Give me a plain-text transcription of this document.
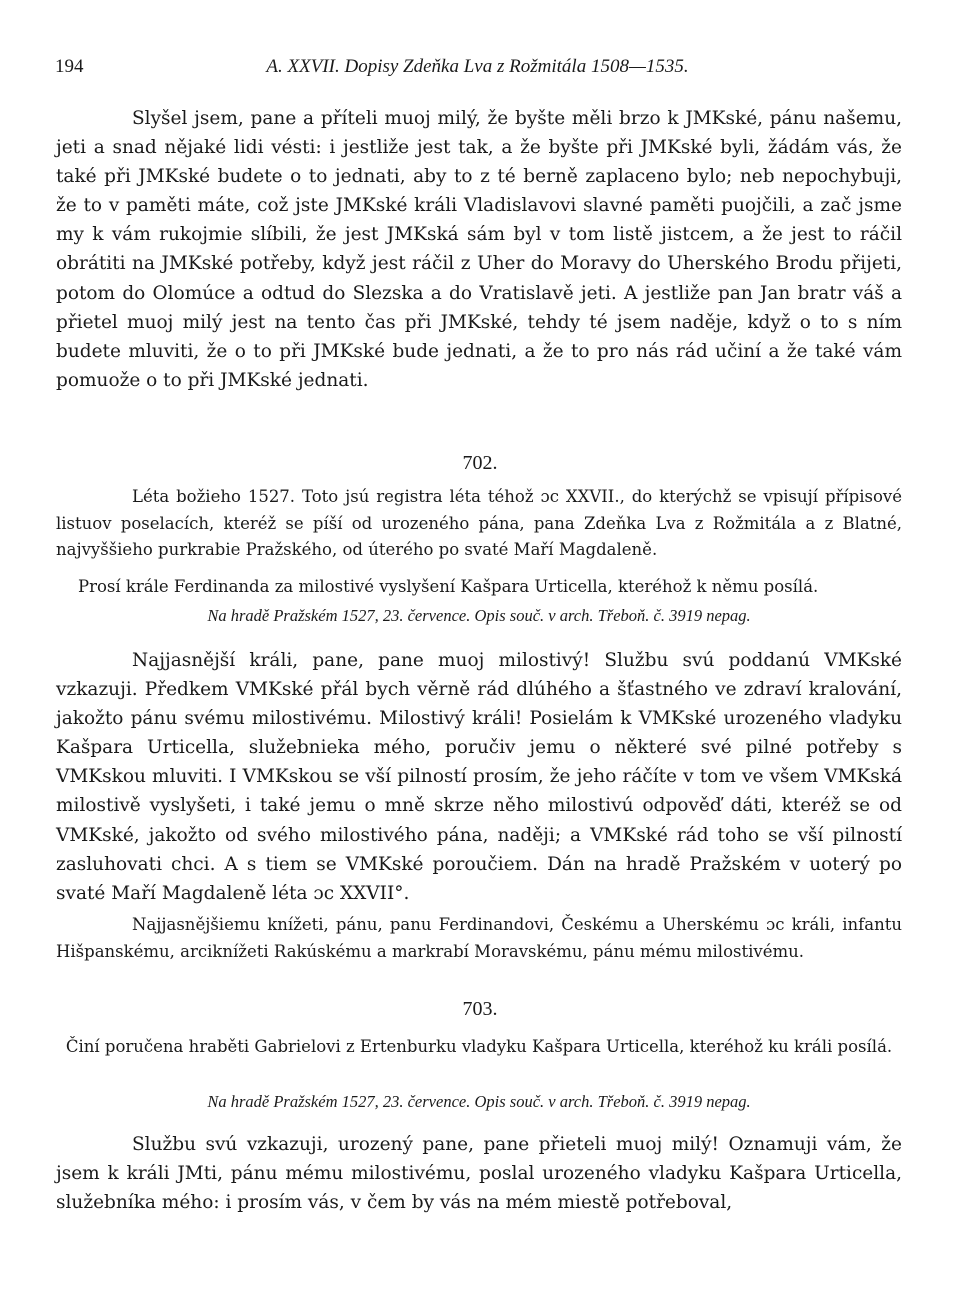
194	A. XXVII. Dopisy Zdeňka Lva z Rožmitála 1508—1535.

Slyšel jsem, pane a příteli muoj milý, že byšte měli brzo k JMKské, pánu našemu, jeti a snad nějaké lidi vésti: i jestliže jest tak, a že byšte při JMKské byli, žádám vás, že také při JMKské budete o to jednati, aby to z té berně zaplaceno bylo; neb nepochybuji, že to v paměti máte, což jste JMKské králi Vladislavovi slavné paměti puojčili, a zač jsme my k vám rukojmie slíbili, že jest JMKská sám byl v tom listě jistcem, a že jest to ráčil obrátiti na JMKské potřeby, když jest ráčil z Uher do Moravy do Uherského Brodu přijeti, potom do Olomúce a odtud do Slezska a do Vratislavě jeti. A jestliže pan Jan bratr váš a přietel muoj milý jest na tento čas při JMKské, tehdy té jsem naděje, když o to s ním budete mluviti, že o to při JMKské bude jednati, a že to pro nás rád učiní a že také vám pomuože o to při JMKské jednati.

702.

Léta božieho 1527. Toto jsú registra léta téhož ɔc XXVII., do kterýchž se vpisují přípisové listuov poselacích, kteréž se píší od urozeného pána, pana Zdeňka Lva z Rožmitála a z Blatné, najvyššieho purkrabie Pražského, od úterého po svaté Maří Magdaleně.

Prosí krále Ferdinanda za milostivé vyslyšení Kašpara Urticella, kteréhož k němu posílá.

Na hradě Pražském 1527, 23. července. Opis souč. v arch. Třeboň. č. 3919 nepag.

Najjasnější králi, pane, pane muoj milostivý! Službu svú poddanú VMKské vzkazuji. Předkem VMKské přál bych věrně rád dlúhého a šťastného ve zdraví kralování, jakožto pánu svému milostivému. Milostivý králi! Posielám k VMKské urozeného vladyku Kašpara Urticella, služebnieka mého, poručiv jemu o některé své pilné potřeby s VMKskou mluviti. I VMKskou se vší pilností prosím, že jeho ráčíte v tom ve všem VMKská milostivě vyslyšeti, i také jemu o mně skrze něho milostivú odpověď dáti, kteréž se od VMKské, jakožto od svého milostivého pána, naději; a VMKské rád toho se vší pilností zasluhovati chci. A s tiem se VMKské poroučiem. Dán na hradě Pražském v uoterý po svaté Maří Magdaleně léta ɔc XXVII°.

Najjasnějšiemu knížeti, pánu, panu Ferdinandovi, Českému a Uherskému ɔc králi, infantu Hišpanskému, arciknížeti Rakúskému a markrabí Moravskému, pánu mému milostivému.

703.

Činí poručena hraběti Gabrielovi z Ertenburku vladyku Kašpara Urticella, kteréhož ku králi posílá.

Na hradě Pražském 1527, 23. července. Opis souč. v arch. Třeboň. č. 3919 nepag.

Službu svú vzkazuji, urozený pane, pane přieteli muoj milý! Oznamuji vám, že jsem k králi JMti, pánu mému milostivému, poslal urozeného vladyku Kašpara Urticella, služebníka mého: i prosím vás, v čem by vás na mém miestě potřeboval,
